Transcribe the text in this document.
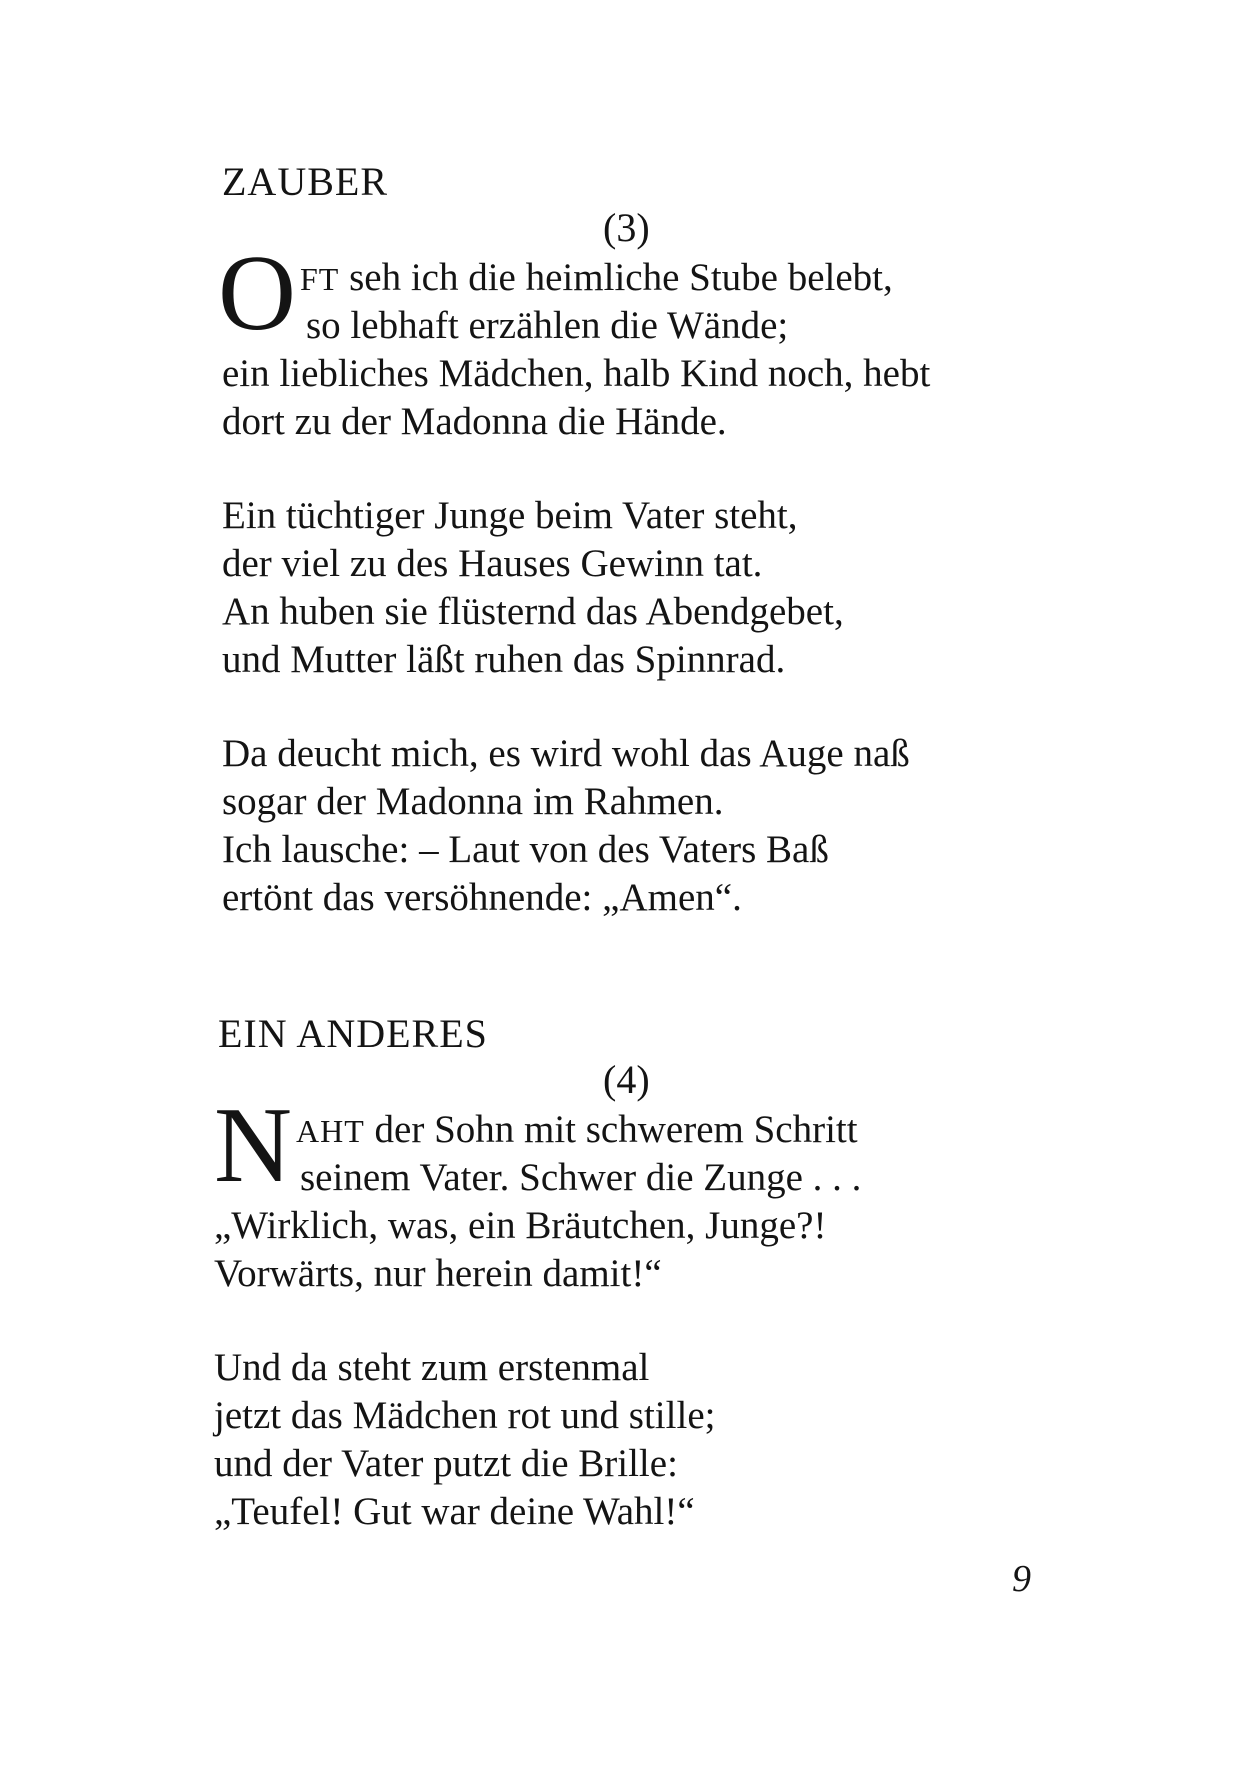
ZAUBER
(3)
O FT seh ich die heimliche Stube belebt,
so lebhaft erzählen die Wände;
ein liebliches Mädchen, halb Kind noch, hebt
dort zu der Madonna die Hände.
Ein tüchtiger Junge beim Vater steht,
der viel zu des Hauses Gewinn tat.
An huben sie flüsternd das Abendgebet,
und Mutter läßt ruhen das Spinnrad.
Da deucht mich, es wird wohl das Auge naß
sogar der Madonna im Rahmen.
Ich lausche: – Laut von des Vaters Baß
ertönt das versöhnende: „Amen“.
EIN ANDERES
(4)
N AHT der Sohn mit schwerem Schritt
seinem Vater. Schwer die Zunge . . .
„Wirklich, was, ein Bräutchen, Junge?!
Vorwärts, nur herein damit!“
Und da steht zum erstenmal
jetzt das Mädchen rot und stille;
und der Vater putzt die Brille:
„Teufel! Gut war deine Wahl!“
9
